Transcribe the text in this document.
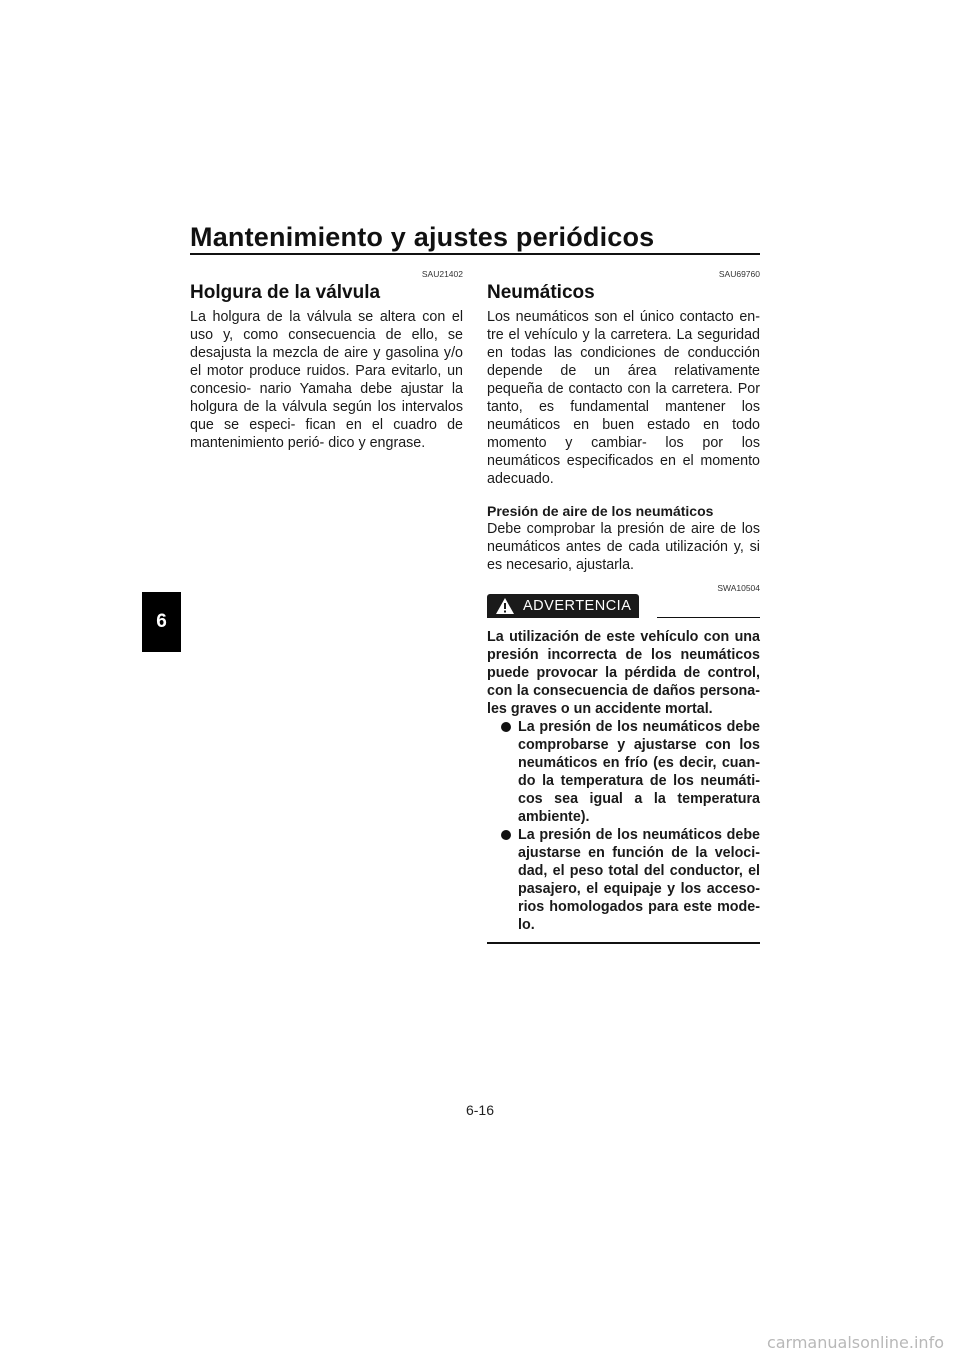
Mantenimiento y ajustes periódicos
6
SAU21402
Holgura de la válvula

La holgura de la válvula se altera con el uso y, como consecuencia de ello, se desajusta la mezcla de aire y gasolina y/o el motor produce ruidos. Para evitarlo, un concesio- nario Yamaha debe ajustar la holgura de la válvula según los intervalos que se especi- fican en el cuadro de mantenimiento perió- dico y engrase.

SAU69760
Neumáticos

Los neumáticos son el único contacto en- tre el vehículo y la carretera. La seguridad en todas las condiciones de conducción depende de un área relativamente pequeña de contacto con la carretera. Por tanto, es fundamental mantener los neumáticos en buen estado en todo momento y cambiar- los por los neumáticos especificados en el momento adecuado.

Presión de aire de los neumáticos

Debe comprobar la presión de aire de los neumáticos antes de cada utilización y, si es necesario, ajustarla.

SWA10504
ADVERTENCIA

La utilización de este vehículo con una presión incorrecta de los neumáticos puede provocar la pérdida de control, con la consecuencia de daños persona- les graves o un accidente mortal.

La presión de los neumáticos debe comprobarse y ajustarse con los neumáticos en frío (es decir, cuan- do la temperatura de los neumáti- cos sea igual a la temperatura ambiente).
La presión de los neumáticos debe ajustarse en función de la veloci- dad, el peso total del conductor, el pasajero, el equipaje y los acceso- rios homologados para este mode- lo.
6-16
carmanualsonline.info
